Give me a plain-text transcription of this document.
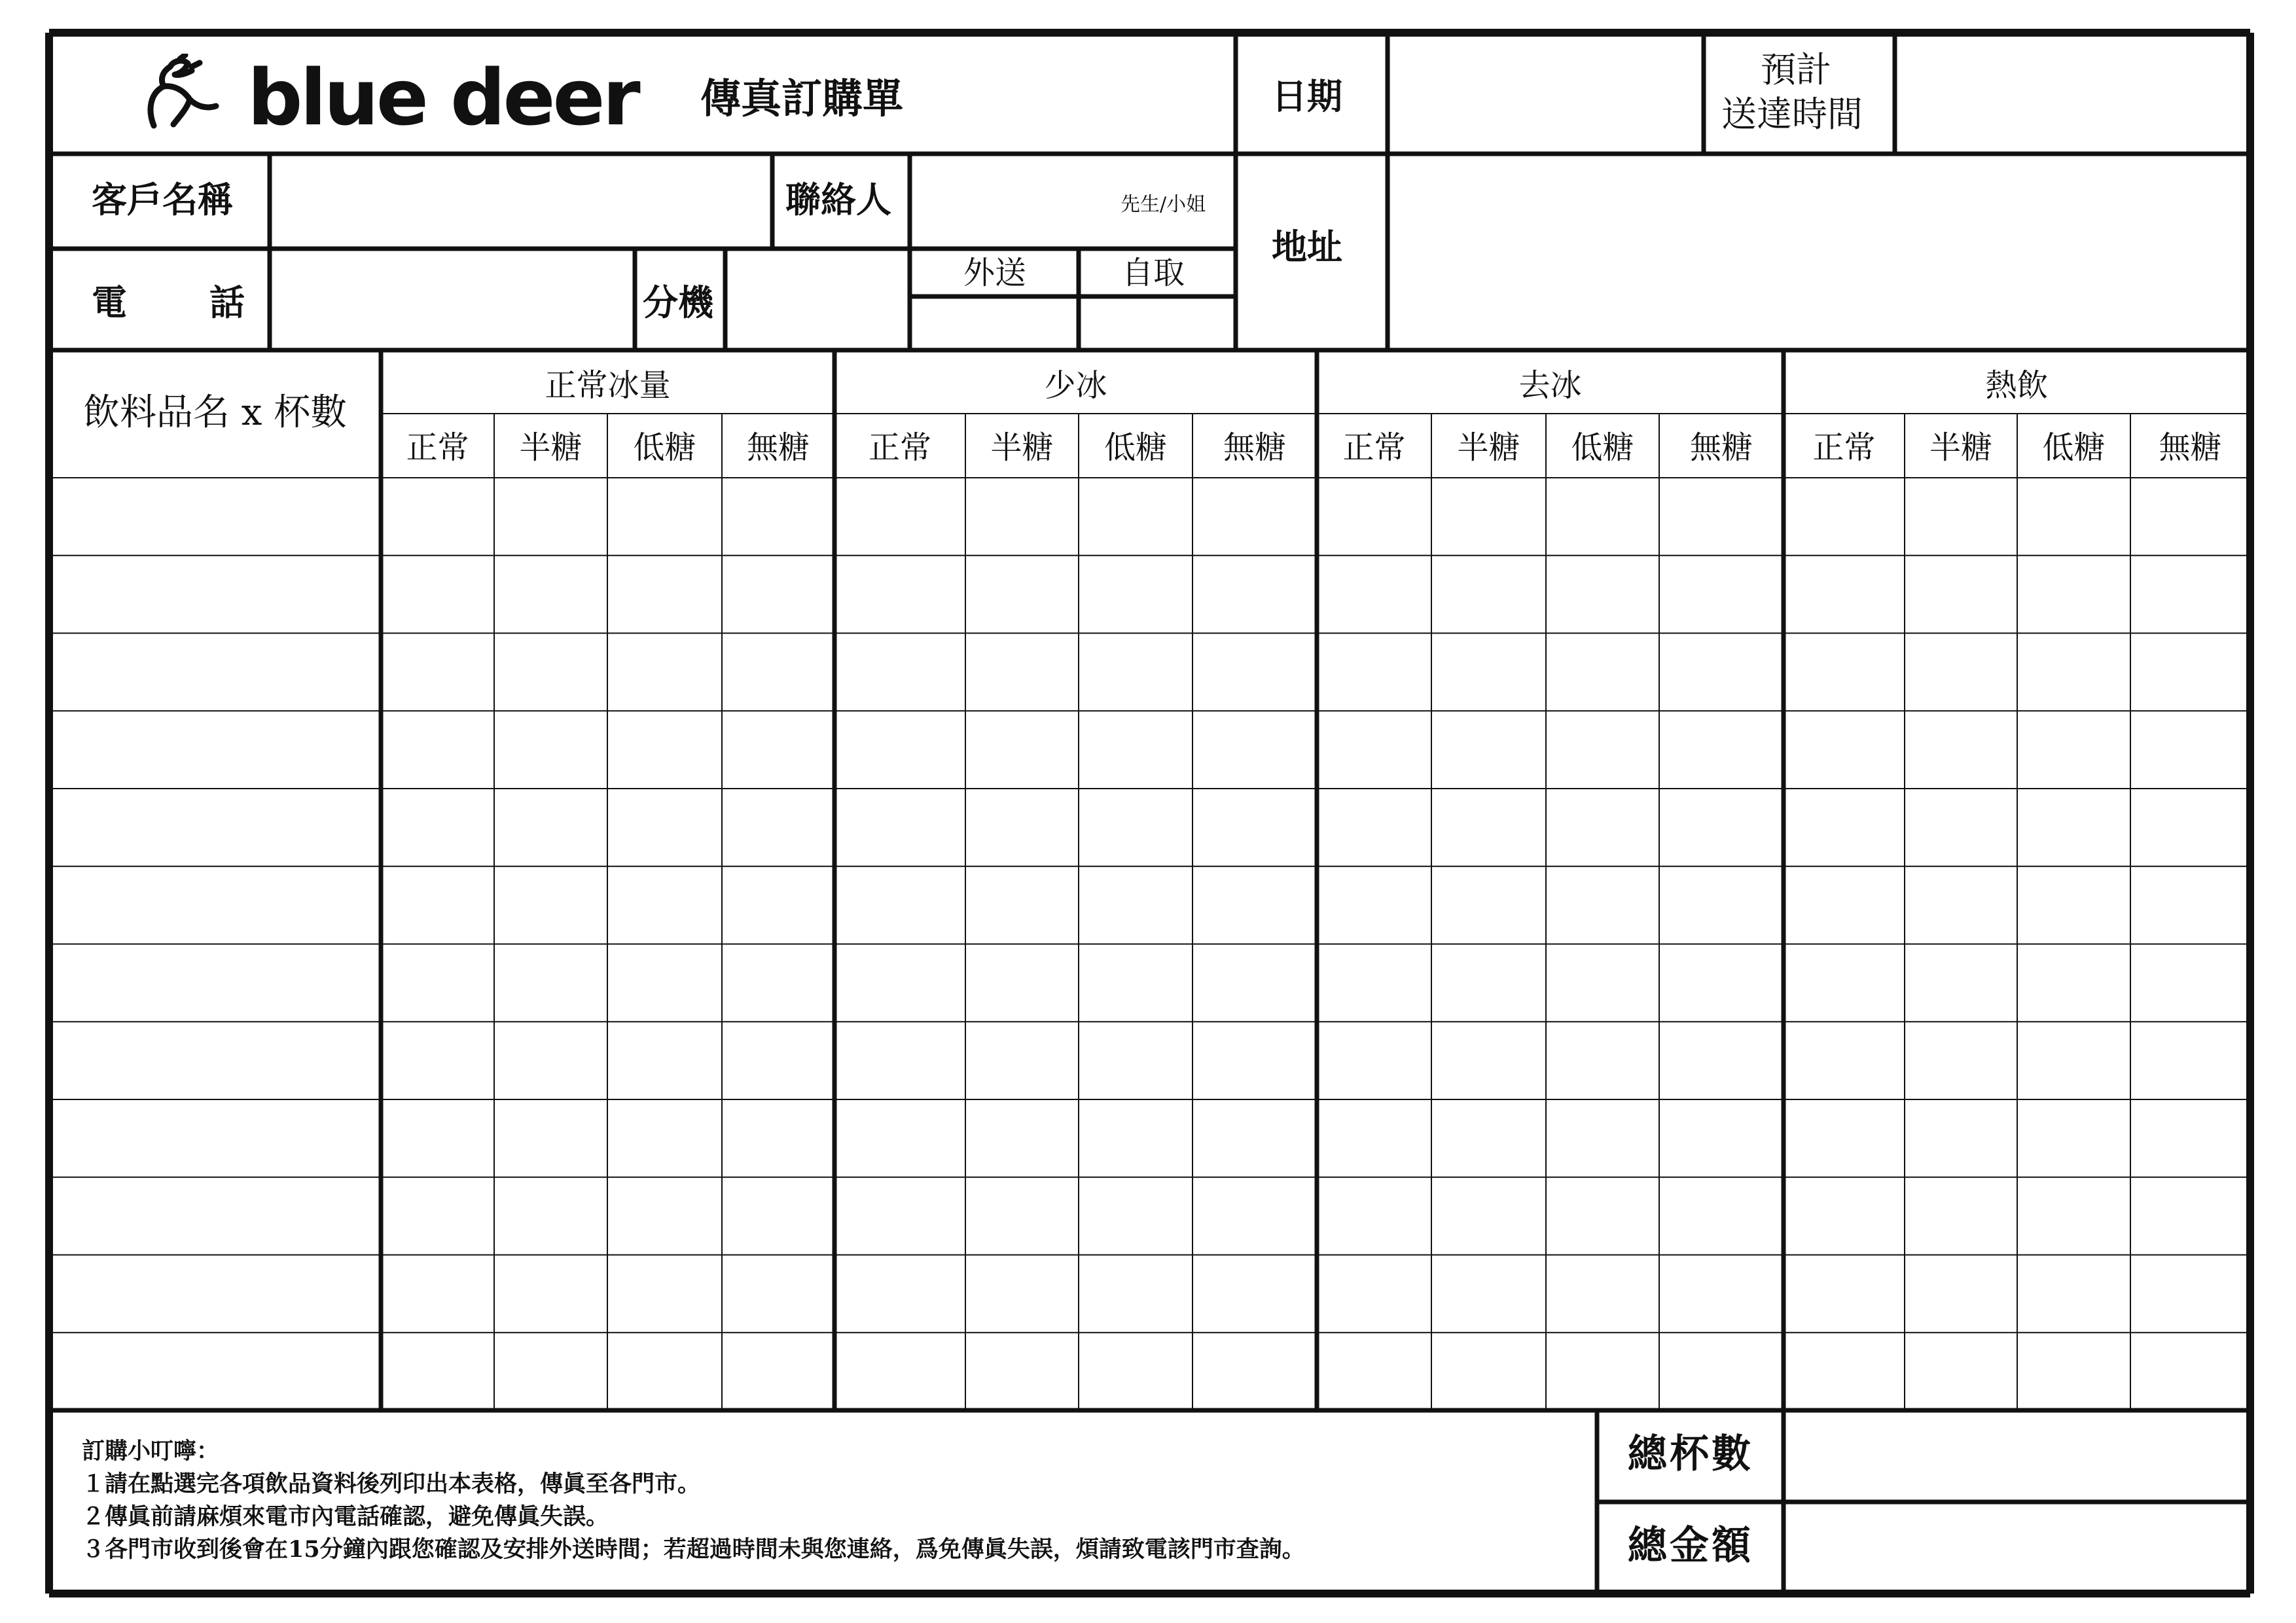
blue deer 傳真訂購單	日期
預計
送達時間
客戶名稱	聯絡人	先生/小姐
電 話	分機
外送	自取
地址
飲料品名 x 杯數
正常冰量
正常	半糖	低糖	無糖
少冰
正常	半糖	低糖	無糖
去冰
正常	半糖	低糖	無糖
熱飲
正常	半糖	低糖	無糖
訂購小叮嚀：
１請在點選完各項飲品資料後列印出本表格，傳眞至各門市。
２傳眞前請麻煩來電市內電話確認，避免傳眞失誤。
３各門市收到後會在15分鐘內跟您確認及安排外送時間；若超過時間未與您連絡，爲免傳眞失誤，煩請致電該門市查詢。
總杯數
總金額
